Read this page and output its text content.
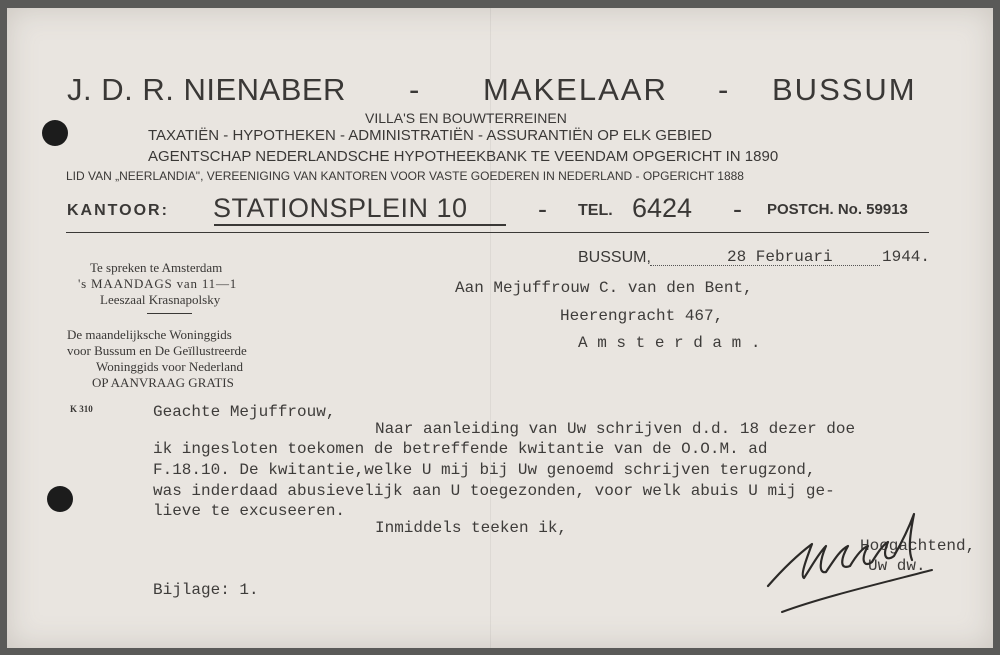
J. D. R. NIENABER - MAKELAAR - BUSSUM
VILLA'S EN BOUWTERREINEN
TAXATIËN - HYPOTHEKEN - ADMINISTRATIËN - ASSURANTIËN OP ELK GEBIED
AGENTSCHAP NEDERLANDSCHE HYPOTHEEKBANK TE VEENDAM OPGERICHT IN 1890
LID VAN „NEERLANDIA", VEREENIGING VAN KANTOREN VOOR VASTE GOEDEREN IN NEDERLAND - OPGERICHT 1888
KANTOOR: STATIONSPLEIN 10	- TEL. 6424 - POSTCH. No. 59913
Te spreken te Amsterdam
's MAANDAGS van 11—1
Leeszaal Krasnapolsky
De maandelijksche Woninggids
voor Bussum en De Geïllustreerde
Woninggids voor Nederland
OP AANVRAAG GRATIS
K 310
BUSSUM,	28 Februari	1944.
Aan Mejuffrouw C. van den Bent,
Heerengracht 467,
A m s t e r d a m .
Geachte Mejuffrouw,
Naar aanleiding van Uw schrijven d.d. 18 dezer doe
ik ingesloten toekomen de betreffende kwitantie van de O.O.M. ad
F.18.10. De kwitantie,welke U mij bij Uw genoemd schrijven terugzond,
was inderdaad abusievelijk aan U toegezonden, voor welk abuis U mij ge-
lieve te excuseeren.
Inmiddels teeken ik,
Hoogachtend,
Uw dw.
Bijlage: 1.
